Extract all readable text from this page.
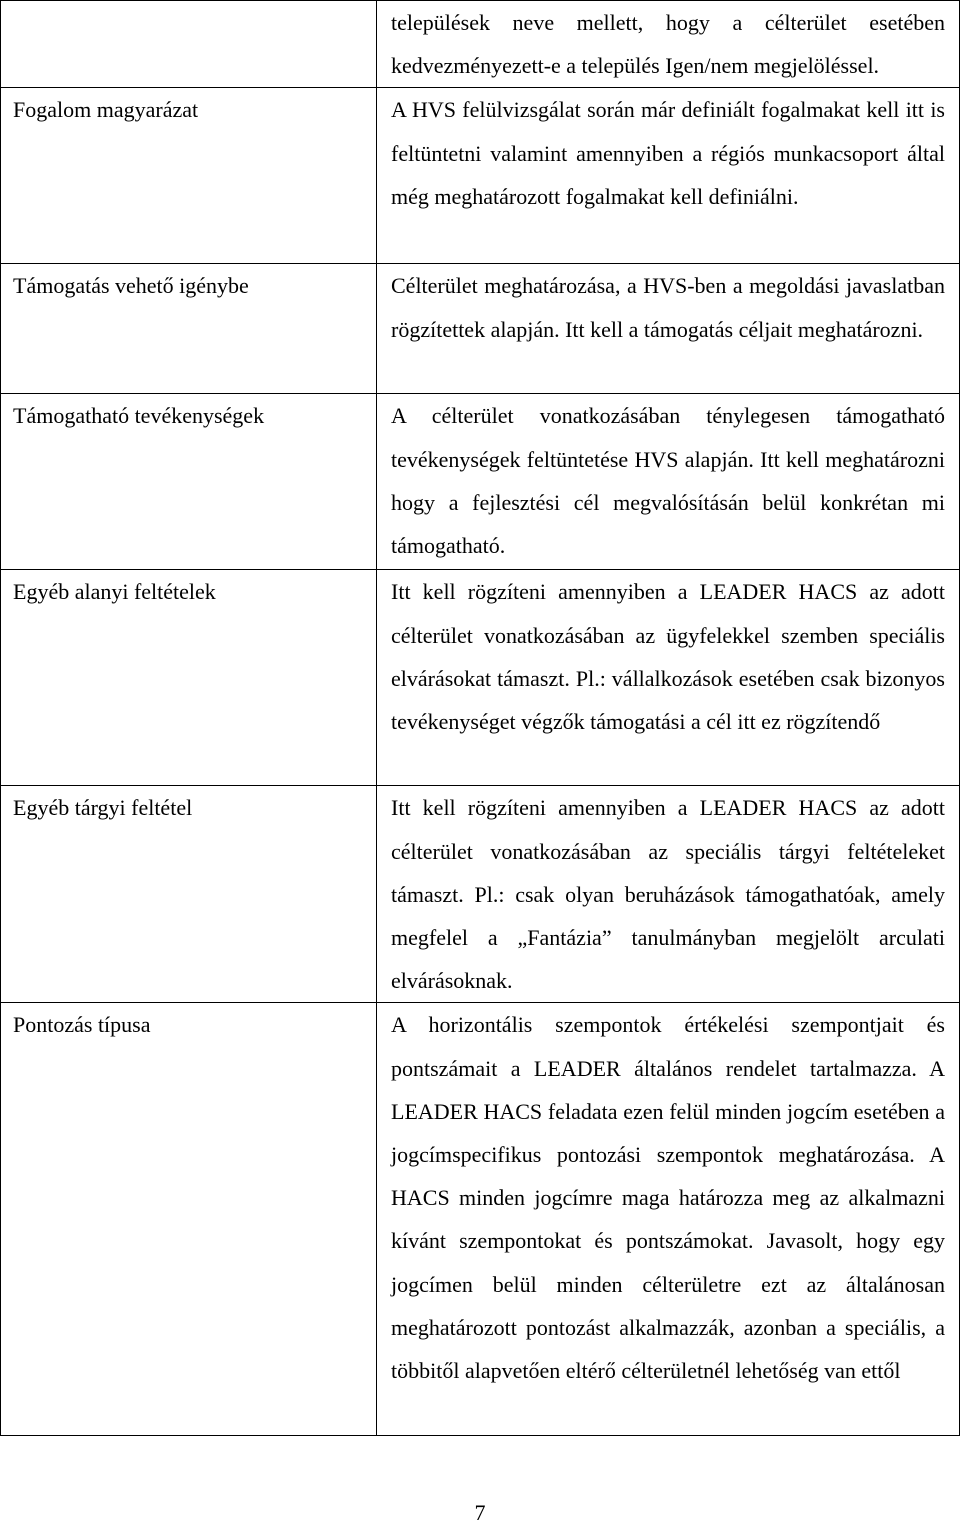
	települések neve mellett, hogy a célterület esetében kedvezményezett-e a település Igen/nem megjelöléssel.

Fogalom magyarázat	A HVS felülvizsgálat során már definiált fogalmakat kell itt is feltüntetni valamint amennyiben a régiós munkacsoport által még meghatározott fogalmakat kell definiálni.

Támogatás vehető igénybe	Célterület meghatározása, a HVS-ben a megoldási javaslatban rögzítettek alapján. Itt kell a támogatás céljait meghatározni.

Támogatható tevékenységek	A célterület vonatkozásában ténylegesen támogatható tevékenységek feltüntetése HVS alapján. Itt kell meghatározni hogy a fejlesztési cél megvalósításán belül konkrétan mi támogatható.

Egyéb alanyi feltételek	Itt kell rögzíteni amennyiben a LEADER HACS az adott célterület vonatkozásában az ügyfelekkel szemben speciális elvárásokat támaszt. Pl.: vállalkozások esetében csak bizonyos tevékenységet végzők támogatási a cél itt ez rögzítendő

Egyéb tárgyi feltétel	Itt kell rögzíteni amennyiben a LEADER HACS az adott célterület vonatkozásában az speciális tárgyi feltételeket támaszt. Pl.: csak olyan beruházások támogathatóak, amely megfelel a „Fantázia” tanulmányban megjelölt arculati elvárásoknak.

Pontozás típusa	A horizontális szempontok értékelési szempontjait és pontszámait a LEADER általános rendelet tartalmazza. A LEADER HACS feladata ezen felül minden jogcím esetében a jogcímspecifikus pontozási szempontok meghatározása. A HACS minden jogcímre maga határozza meg az alkalmazni kívánt szempontokat és pontszámokat. Javasolt, hogy egy jogcímen belül minden célterületre ezt az általánosan meghatározott pontozást alkalmazzák, azonban a speciális, a többitől alapvetően eltérő célterületnél lehetőség van ettől
7
